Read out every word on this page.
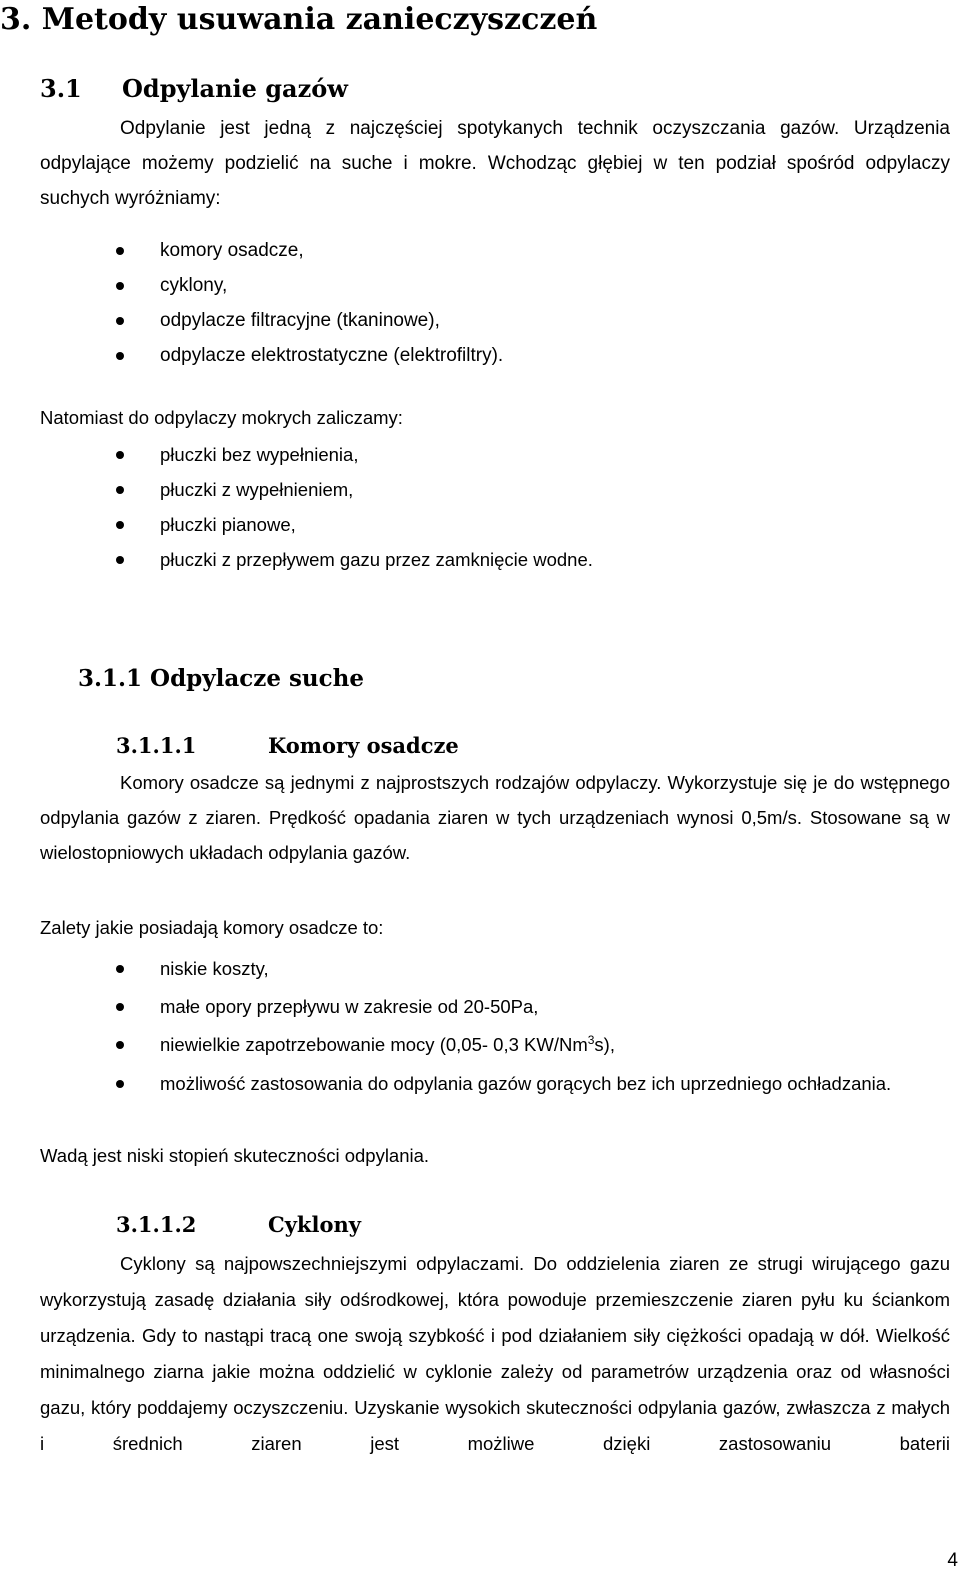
3. Metody usuwania zanieczyszczeń
3.1 Odpylanie gazów
Odpylanie jest jedną z najczęściej spotykanych technik oczyszczania gazów. Urządzenia odpylające możemy podzielić na suche i mokre. Wchodząc głębiej w ten podział spośród odpylaczy suchych wyróżniamy:
komory osadcze,
cyklony,
odpylacze filtracyjne (tkaninowe),
odpylacze elektrostatyczne (elektrofiltry).
Natomiast do odpylaczy mokrych zaliczamy:
płuczki bez wypełnienia,
płuczki z wypełnieniem,
płuczki pianowe,
płuczki z przepływem gazu przez zamknięcie wodne.
3.1.1 Odpylacze suche
3.1.1.1	Komory osadcze
Komory osadcze są jednymi z najprostszych rodzajów odpylaczy. Wykorzystuje się je do wstępnego odpylania gazów z ziaren. Prędkość opadania ziaren w tych urządzeniach wynosi 0,5m/s. Stosowane są w wielostopniowych układach odpylania gazów.
Zalety jakie posiadają komory osadcze to:
niskie koszty,
małe opory przepływu w zakresie od 20-50Pa,
niewielkie zapotrzebowanie mocy (0,05- 0,3 KW/Nm$^3$s),
możliwość zastosowania do odpylania gazów gorących bez ich uprzedniego ochładzania.
Wadą jest niski stopień skuteczności odpylania.
3.1.1.2	Cyklony
Cyklony są najpowszechniejszymi odpylaczami. Do oddzielenia ziaren ze strugi wirującego gazu wykorzystują zasadę działania siły odśrodkowej, która powoduje przemieszczenie ziaren pyłu ku ściankom urządzenia. Gdy to nastąpi tracą one swoją szybkość i pod działaniem siły ciężkości opadają w dół. Wielkość minimalnego ziarna jakie można oddzielić w cyklonie zależy od parametrów urządzenia oraz od własności gazu, który poddajemy oczyszczeniu. Uzyskanie wysokich skuteczności odpylania gazów, zwłaszcza z małych i średnich ziaren jest możliwe dzięki zastosowaniu baterii
4
